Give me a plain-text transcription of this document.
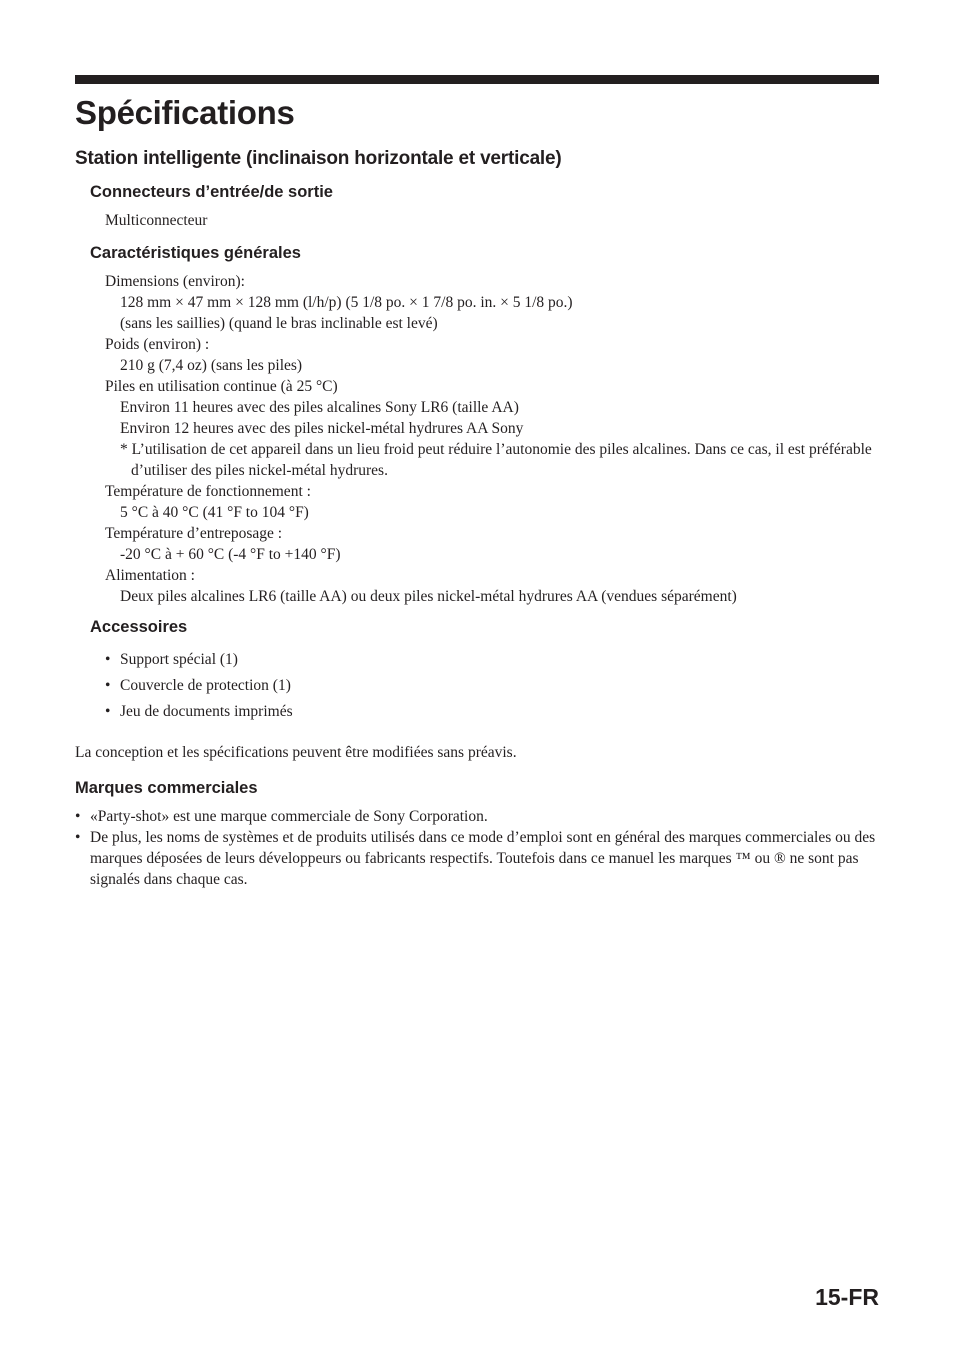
Spécifications
Station intelligente (inclinaison horizontale et verticale)
Connecteurs d’entrée/de sortie
Multiconnecteur
Caractéristiques générales
Dimensions (environ):
128 mm × 47 mm × 128 mm (l/h/p) (5 1/8 po. × 1 7/8 po. in. × 5 1/8 po.)
(sans les saillies) (quand le bras inclinable est levé)
Poids (environ) :
210 g (7,4 oz) (sans les piles)
Piles en utilisation continue (à 25 °C)
Environ 11 heures avec des piles alcalines Sony LR6 (taille AA)
Environ 12 heures avec des piles nickel-métal hydrures AA Sony
* L’utilisation de cet appareil dans un lieu froid peut réduire l’autonomie des piles alcalines. Dans ce cas, il est préférable d’utiliser des piles nickel-métal hydrures.
Température de fonctionnement :
5 °C à 40 °C (41 °F to 104 °F)
Température d’entreposage :
-20 °C à + 60 °C (-4 °F to +140 °F)
Alimentation :
Deux piles alcalines LR6 (taille AA) ou deux piles nickel-métal hydrures AA (vendues séparément)
Accessoires
• Support spécial (1)
• Couvercle de protection (1)
• Jeu de documents imprimés
La conception et les spécifications peuvent être modifiées sans préavis.
Marques commerciales
• «Party-shot» est une marque commerciale de Sony Corporation.
• De plus, les noms de systèmes et de produits utilisés dans ce mode d’emploi sont en général des marques commerciales ou des marques déposées de leurs développeurs ou fabricants respectifs. Toutefois dans ce manuel les marques ™ ou ® ne sont pas signalés dans chaque cas.
15-FR
